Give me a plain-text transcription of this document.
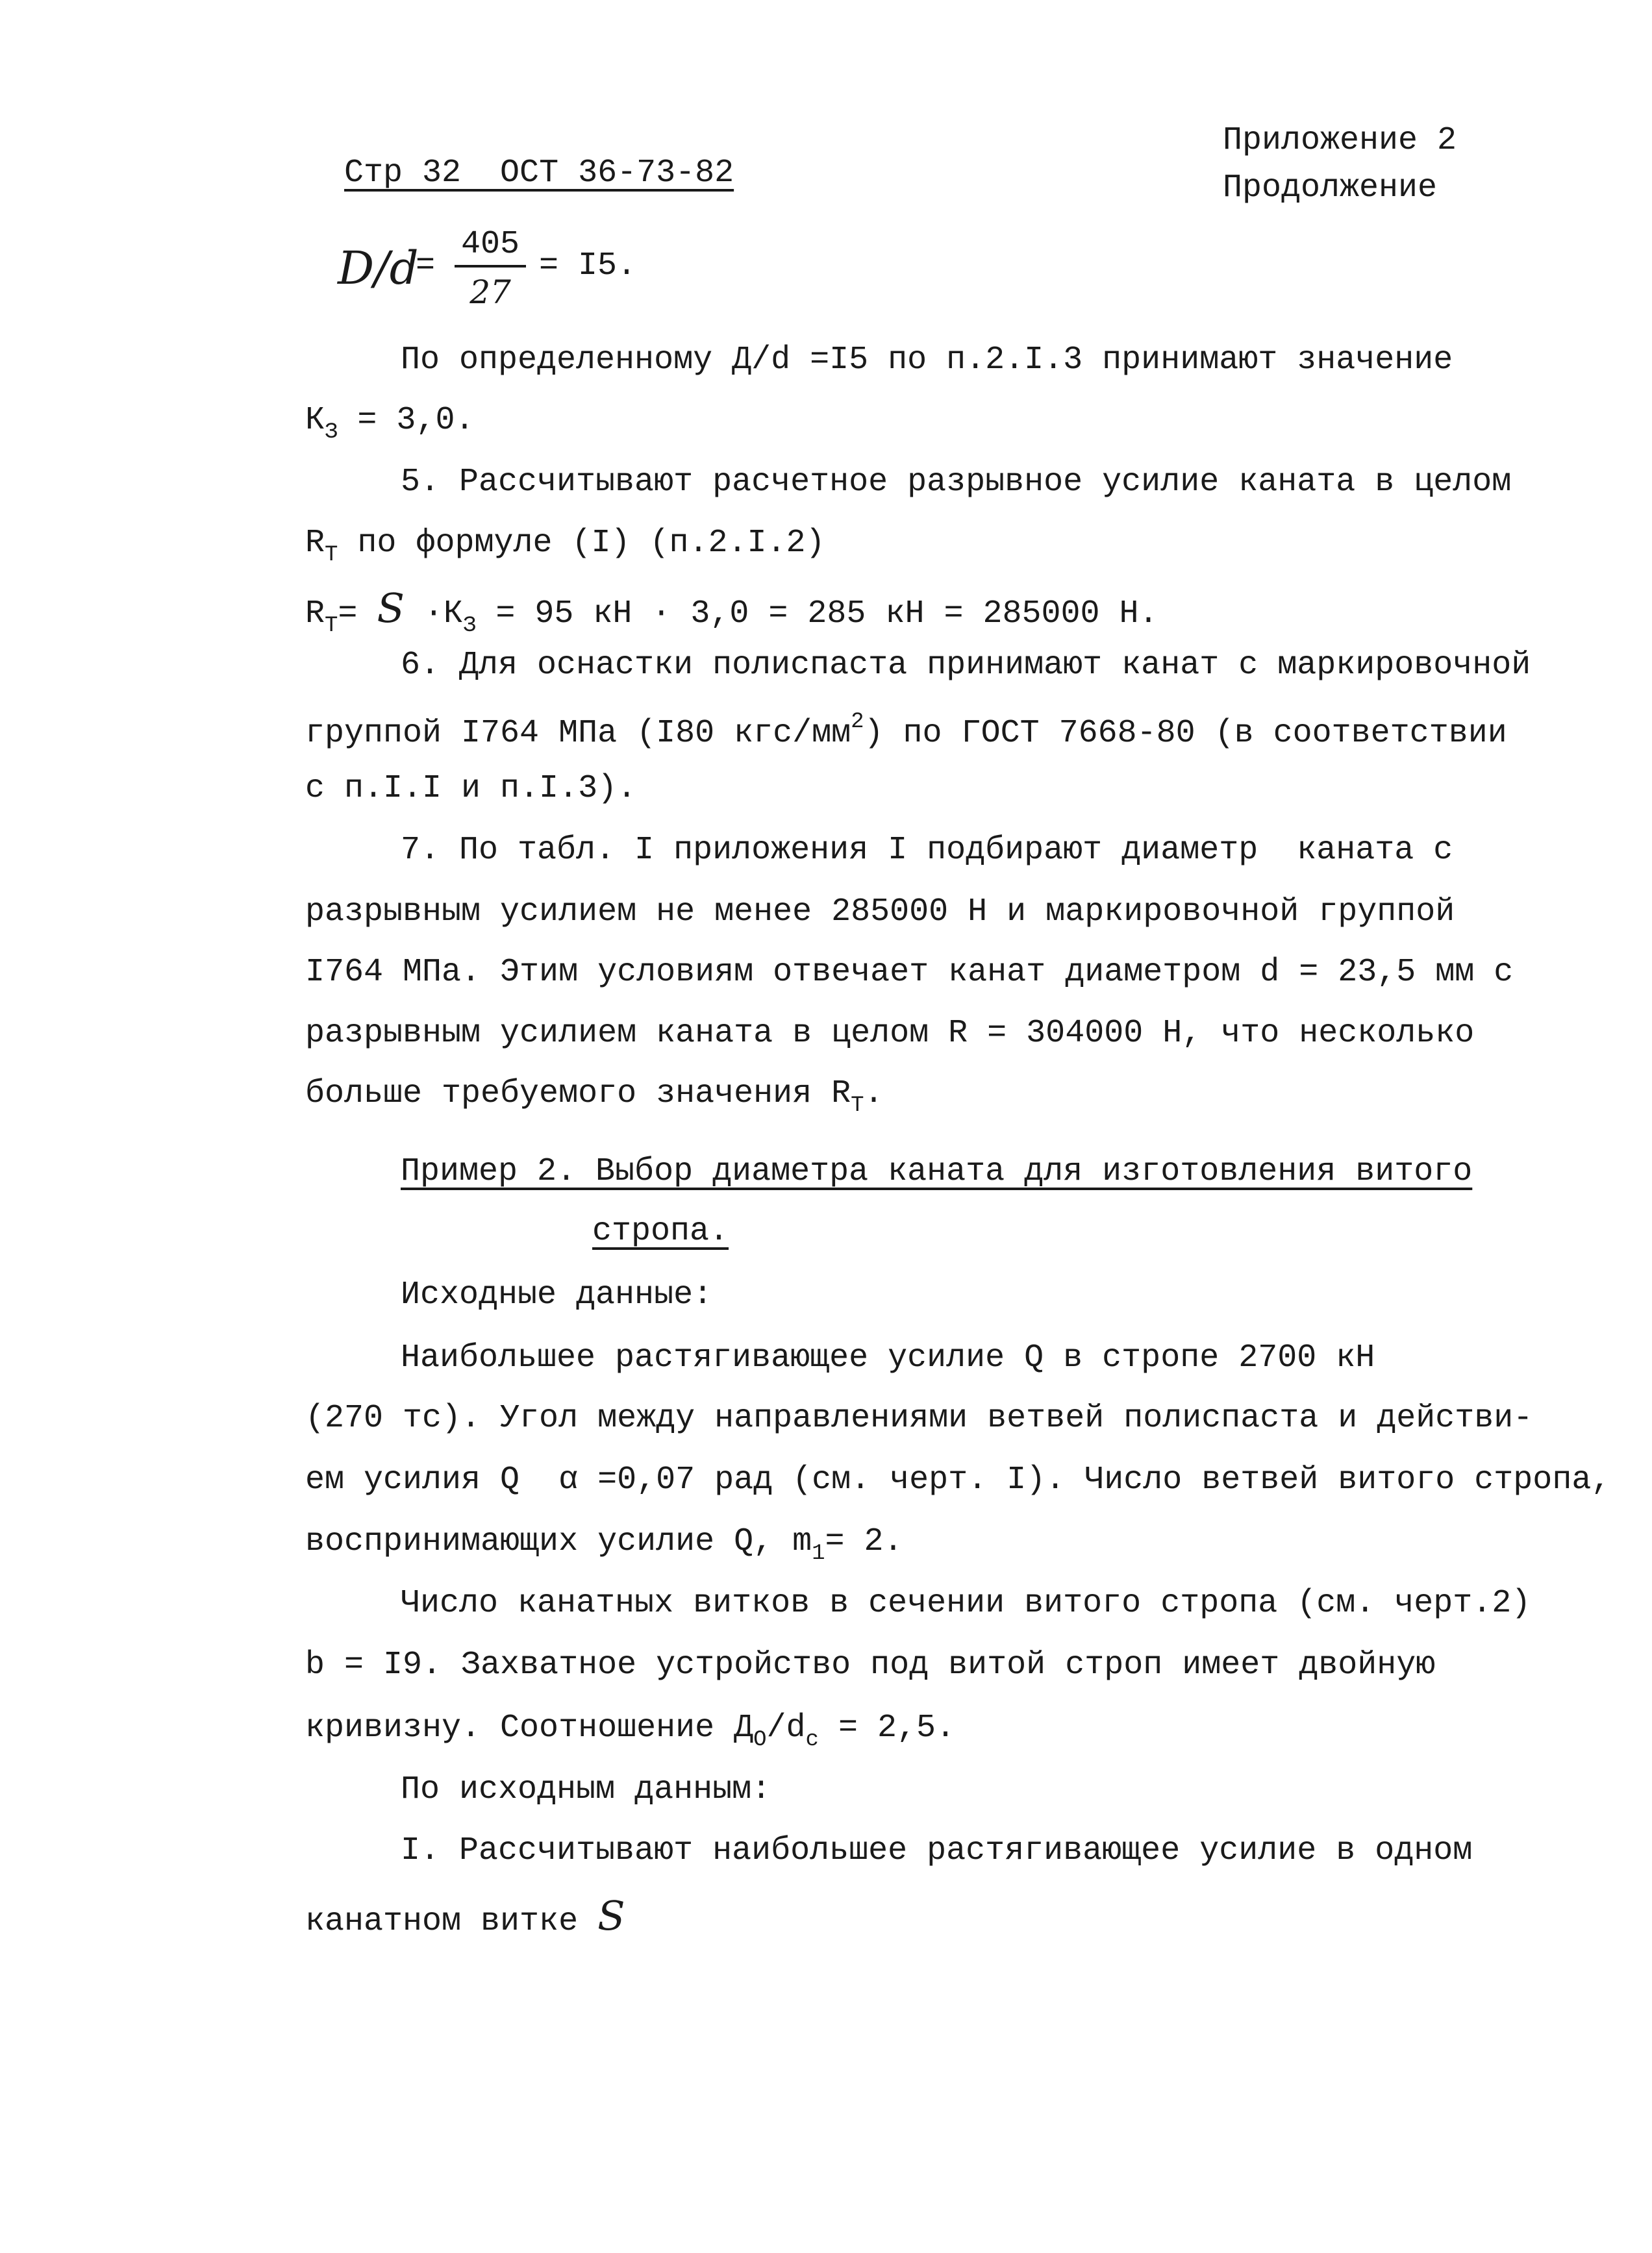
Стр 32  ОСТ 36-73-82

Приложение 2
Продолжение
D/d
=
405
27
= I5.
По определенному Д/d =I5 по п.2.I.3 принимают значение
$К_З = 3,0$.
5. Рассчитывают расчетное разрывное усилие каната в целом
$R_Т$ по формуле (I) (п.2.I.2)
$R_Т= S \cdot К_З = 95$ кН · 3,0 = 285 кН = 285000 Н.
6. Для оснастки полиспаста принимают канат с маркировочной
группой I764 МПа (I80 кгс/$мм^2$) по ГОСТ 7668-80 (в соответствии
с п.I.I и п.I.3).
7. По табл. I приложения I подбирают диаметр  каната с
разрывным усилием не менее 285000 Н и маркировочной группой
I764 МПа. Этим условиям отвечает канат диаметром d = 23,5 мм с
разрывным усилием каната в целом R = 304000 Н, что несколько
больше требуемого значения $R_Т$.
Пример 2. Выбор диаметра каната для изготовления витого
стропа.
Исходные данные:
Наибольшее растягивающее усилие Q в стропе 2700 кН
(270 тс). Угол между направлениями ветвей полиспаста и действи-
ем усилия Q  α =0,07 рад (см. черт. I). Число ветвей витого стропа,
воспринимающих усилие Q, $m_1= 2$.
Число канатных витков в сечении витого стропа (см. черт.2)
b = I9. Захватное устройство под витой строп имеет двойную
кривизну. Соотношение $Д_О/d_с = 2,5$.
По исходным данным:
I. Рассчитывают наибольшее растягивающее усилие в одном
канатном витке S
